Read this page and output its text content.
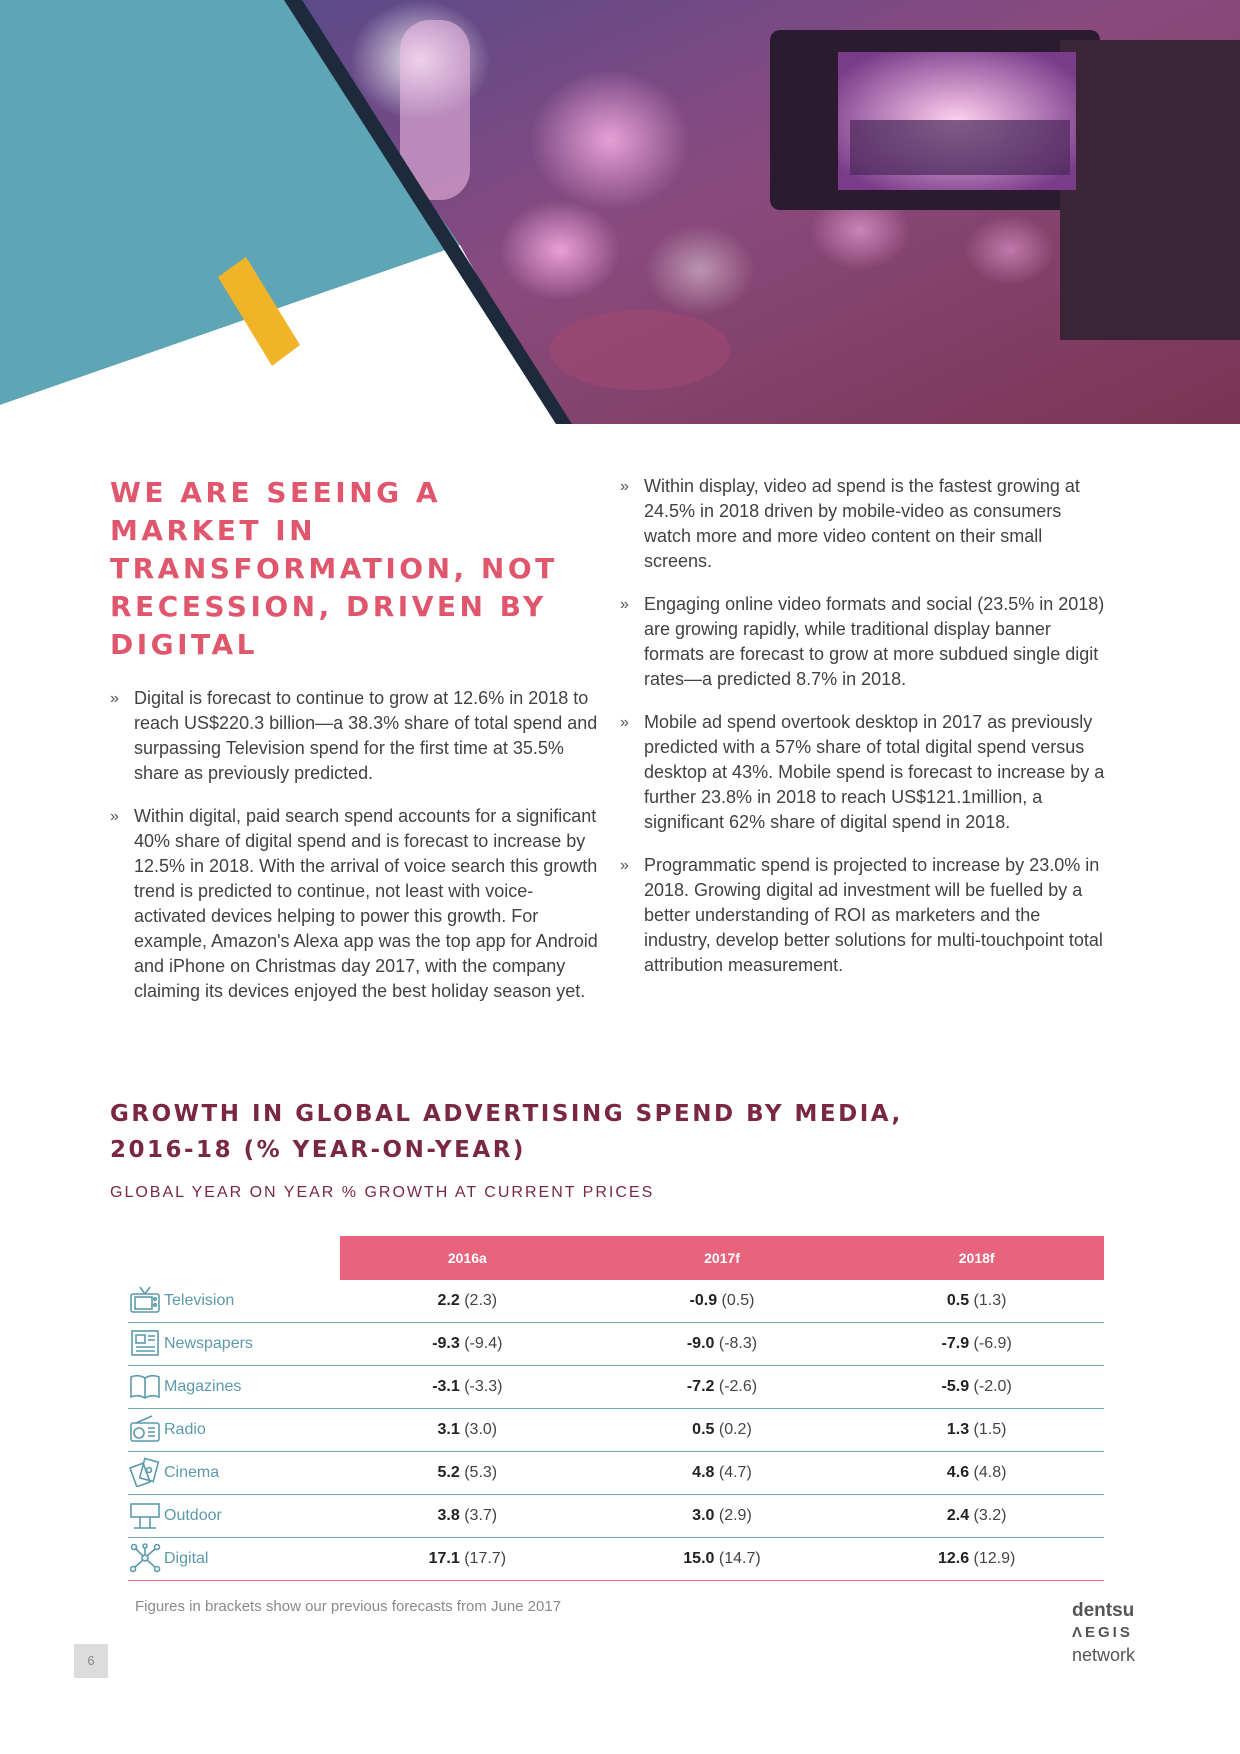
WE ARE SEEING A MARKET IN TRANSFORMATION, NOT RECESSION, DRIVEN BY DIGITAL
» Digital is forecast to continue to grow at 12.6% in 2018 to reach US$220.3 billion—a 38.3% share of total spend and surpassing Television spend for the first time at 35.5% share as previously predicted.
» Within digital, paid search spend accounts for a significant 40% share of digital spend and is forecast to increase by 12.5% in 2018. With the arrival of voice search this growth trend is predicted to continue, not least with voice-activated devices helping to power this growth. For example, Amazon's Alexa app was the top app for Android and iPhone on Christmas day 2017, with the company claiming its devices enjoyed the best holiday season yet.
» Within display, video ad spend is the fastest growing at 24.5% in 2018 driven by mobile-video as consumers watch more and more video content on their small screens.
» Engaging online video formats and social (23.5% in 2018) are growing rapidly, while traditional display banner formats are forecast to grow at more subdued single digit rates—a predicted 8.7% in 2018.
» Mobile ad spend overtook desktop in 2017 as previously predicted with a 57% share of total digital spend versus desktop at 43%. Mobile spend is forecast to increase by a further 23.8% in 2018 to reach US$121.1million, a significant 62% share of digital spend in 2018.
» Programmatic spend is projected to increase by 23.0% in 2018. Growing digital ad investment will be fuelled by a better understanding of ROI as marketers and the industry, develop better solutions for multi-touchpoint total attribution measurement.
GROWTH IN GLOBAL ADVERTISING SPEND BY MEDIA,
2016-18 (% YEAR-ON-YEAR)

GLOBAL YEAR ON YEAR % GROWTH AT CURRENT PRICES

	2016a	2017f	2018f
Television	2.2 (2.3)	-0.9 (0.5)	0.5 (1.3)
Newspapers	-9.3 (-9.4)	-9.0 (-8.3)	-7.9 (-6.9)
Magazines	-3.1 (-3.3)	-7.2 (-2.6)	-5.9 (-2.0)
Radio	3.1 (3.0)	0.5 (0.2)	1.3 (1.5)
Cinema	5.2 (5.3)	4.8 (4.7)	4.6 (4.8)
Outdoor	3.8 (3.7)	3.0 (2.9)	2.4 (3.2)
Digital	17.1 (17.7)	15.0 (14.7)	12.6 (12.9)

Figures in brackets show our previous forecasts from June 2017

6
dentsu
ΛEGIS
network
